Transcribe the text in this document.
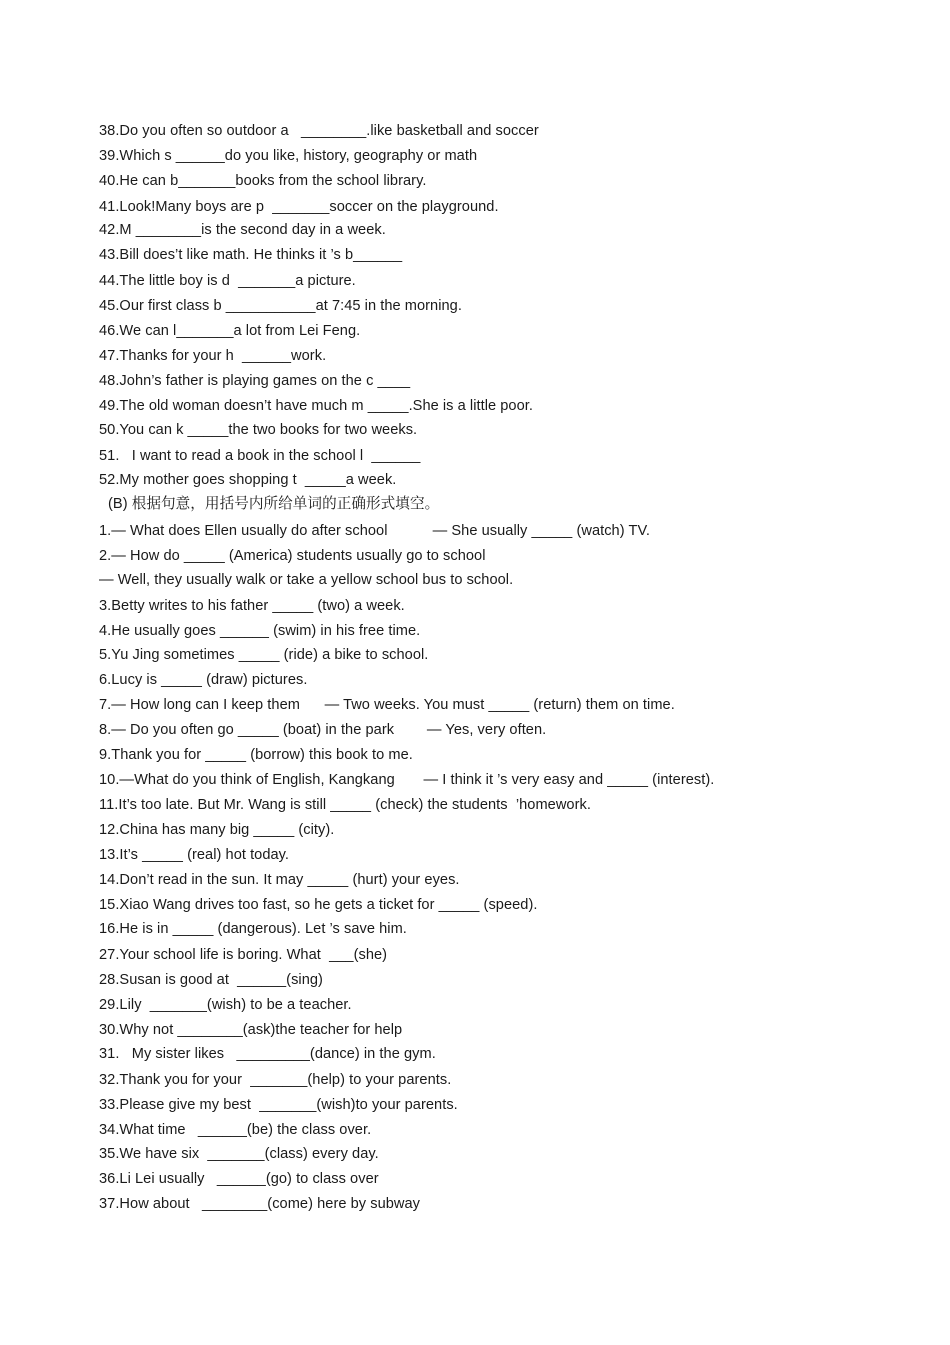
38.Do you often so outdoor a   ________.like basketball and soccer
39.Which s ______do you like, history, geography or math
40.He can b_______books from the school library.
41.Look!Many boys are p  _______soccer on the playground.
42.M ________is the second day in a week.
43.Bill does’t like math. He thinks it ’s b______
44.The little boy is d  _______a picture.
45.Our first class b ___________at 7:45 in the morning.
46.We can l_______a lot from Lei Feng.
47.Thanks for your h  ______work.
48.John’s father is playing games on the c ____
49.The old woman doesn’t have much m _____.She is a little poor.
50.You can k _____the two books for two weeks.
51.   I want to read a book in the school l  ______
52.My mother goes shopping t  _____a week.
(B) 根据句意，用括号内所给单词的正确形式填空。
1.— What does Ellen usually do after school           — She usually _____ (watch) TV.
2.— How do _____ (America) students usually go to school
— Well, they usually walk or take a yellow school bus to school.
3.Betty writes to his father _____ (two) a week.
4.He usually goes ______ (swim) in his free time.
5.Yu Jing sometimes _____ (ride) a bike to school.
6.Lucy is _____ (draw) pictures.
7.— How long can I keep them      — Two weeks. You must _____ (return) them on time.
8.— Do you often go _____ (boat) in the park        — Yes, very often.
9.Thank you for _____ (borrow) this book to me.
10.—What do you think of English, Kangkang       — I think it ’s very easy and _____ (interest).
11.It’s too late. But Mr. Wang is still _____ (check) the students  ’homework.
12.China has many big _____ (city).
13.It’s _____ (real) hot today.
14.Don’t read in the sun. It may _____ (hurt) your eyes.
15.Xiao Wang drives too fast, so he gets a ticket for _____ (speed).
16.He is in _____ (dangerous). Let ’s save him.
27.Your school life is boring. What  ___(she)
28.Susan is good at  ______(sing)
29.Lily  _______(wish) to be a teacher.
30.Why not ________(ask)the teacher for help
31.   My sister likes   _________(dance) in the gym.
32.Thank you for your  _______(help) to your parents.
33.Please give my best  _______(wish)to your parents.
34.What time   ______(be) the class over.
35.We have six  _______(class) every day.
36.Li Lei usually   ______(go) to class over
37.How about   ________(come) here by subway
